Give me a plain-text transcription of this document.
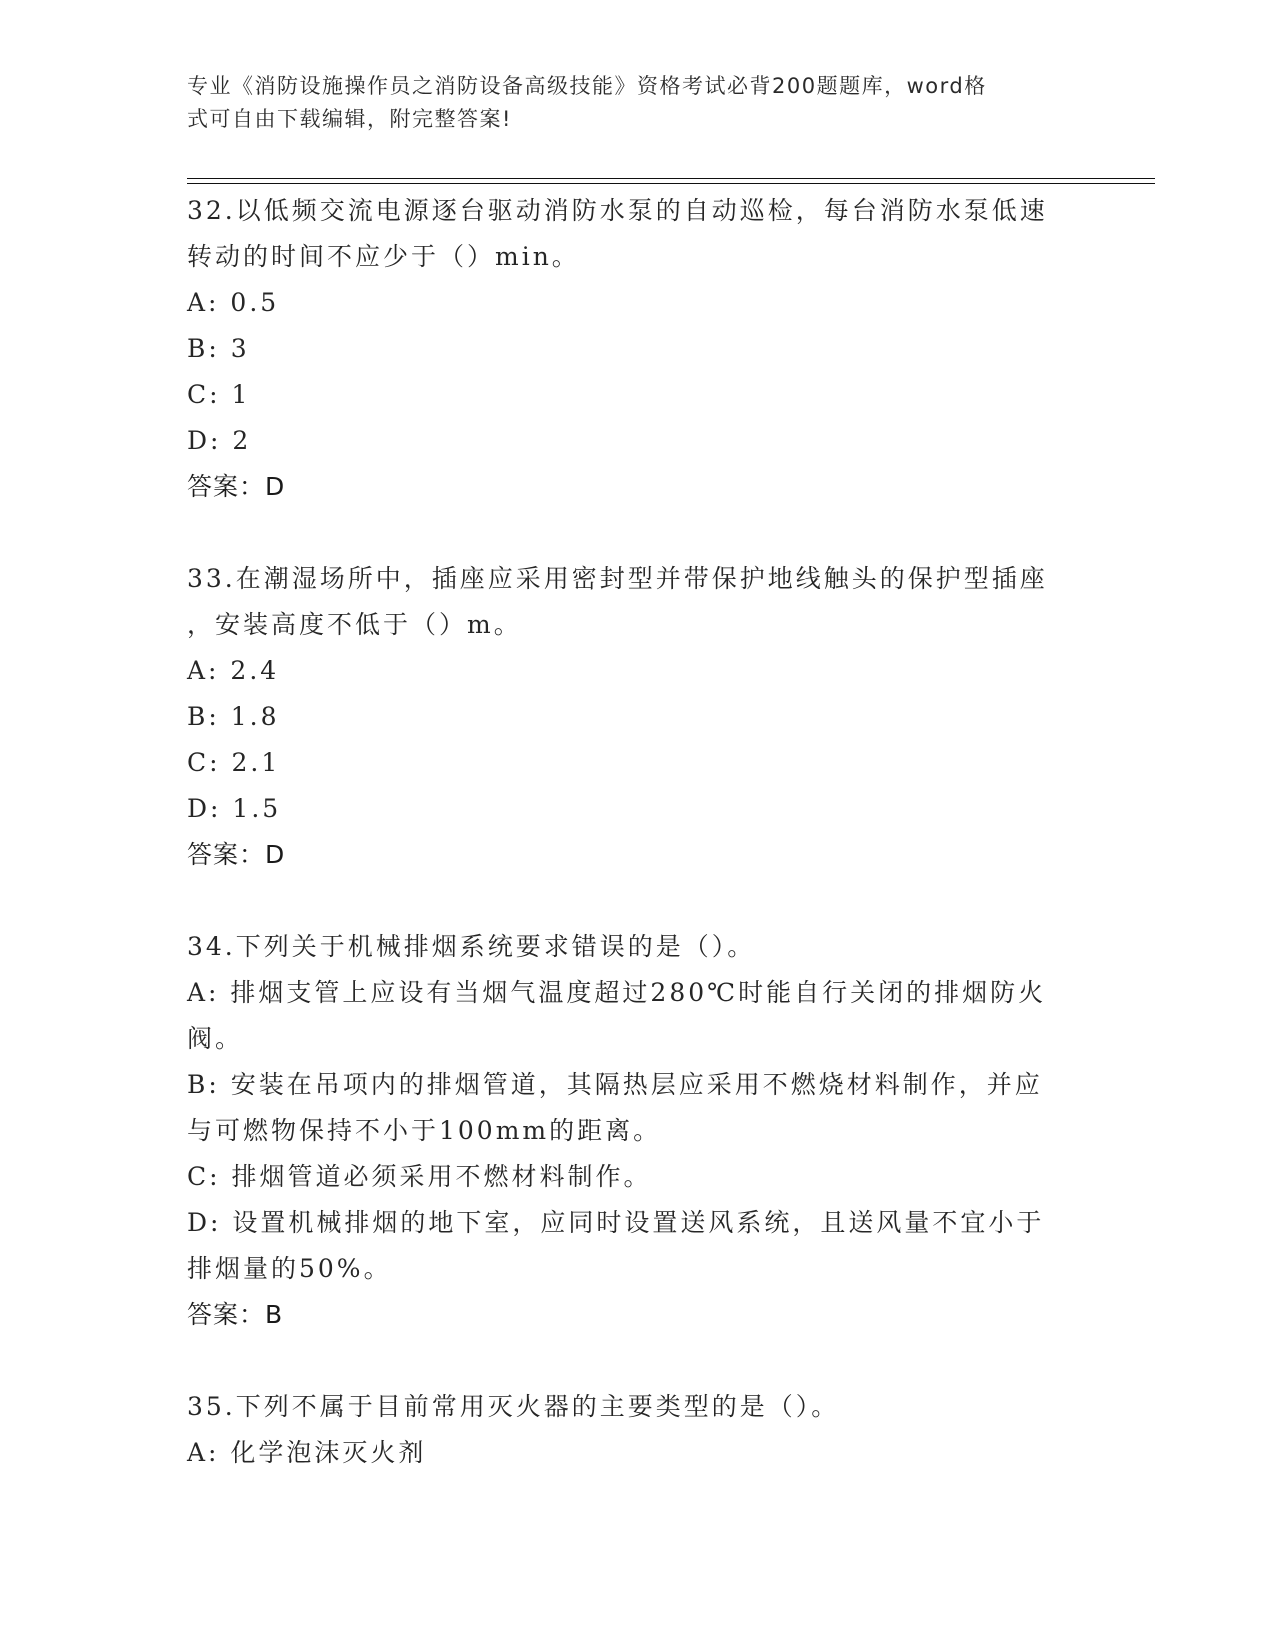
专业《消防设施操作员之消防设备高级技能》资格考试必背200题题库，word格
式可自由下载编辑，附完整答案!
32.以低频交流电源逐台驱动消防水泵的自动巡检，每台消防水泵低速
转动的时间不应少于（）min。
A: 0.5
B: 3
C: 1
D: 2
答案：D
33.在潮湿场所中，插座应采用密封型并带保护地线触头的保护型插座
，安装高度不低于（）m。
A: 2.4
B: 1.8
C: 2.1
D: 1.5
答案：D
34.下列关于机械排烟系统要求错误的是（）。
A: 排烟支管上应设有当烟气温度超过280℃时能自行关闭的排烟防火
阀。
B: 安装在吊项内的排烟管道，其隔热层应采用不燃烧材料制作，并应
与可燃物保持不小于100mm的距离。
C: 排烟管道必须采用不燃材料制作。
D: 设置机械排烟的地下室，应同时设置送风系统，且送风量不宜小于
排烟量的50%。
答案：B
35.下列不属于目前常用灭火器的主要类型的是（）。
A: 化学泡沫灭火剂
